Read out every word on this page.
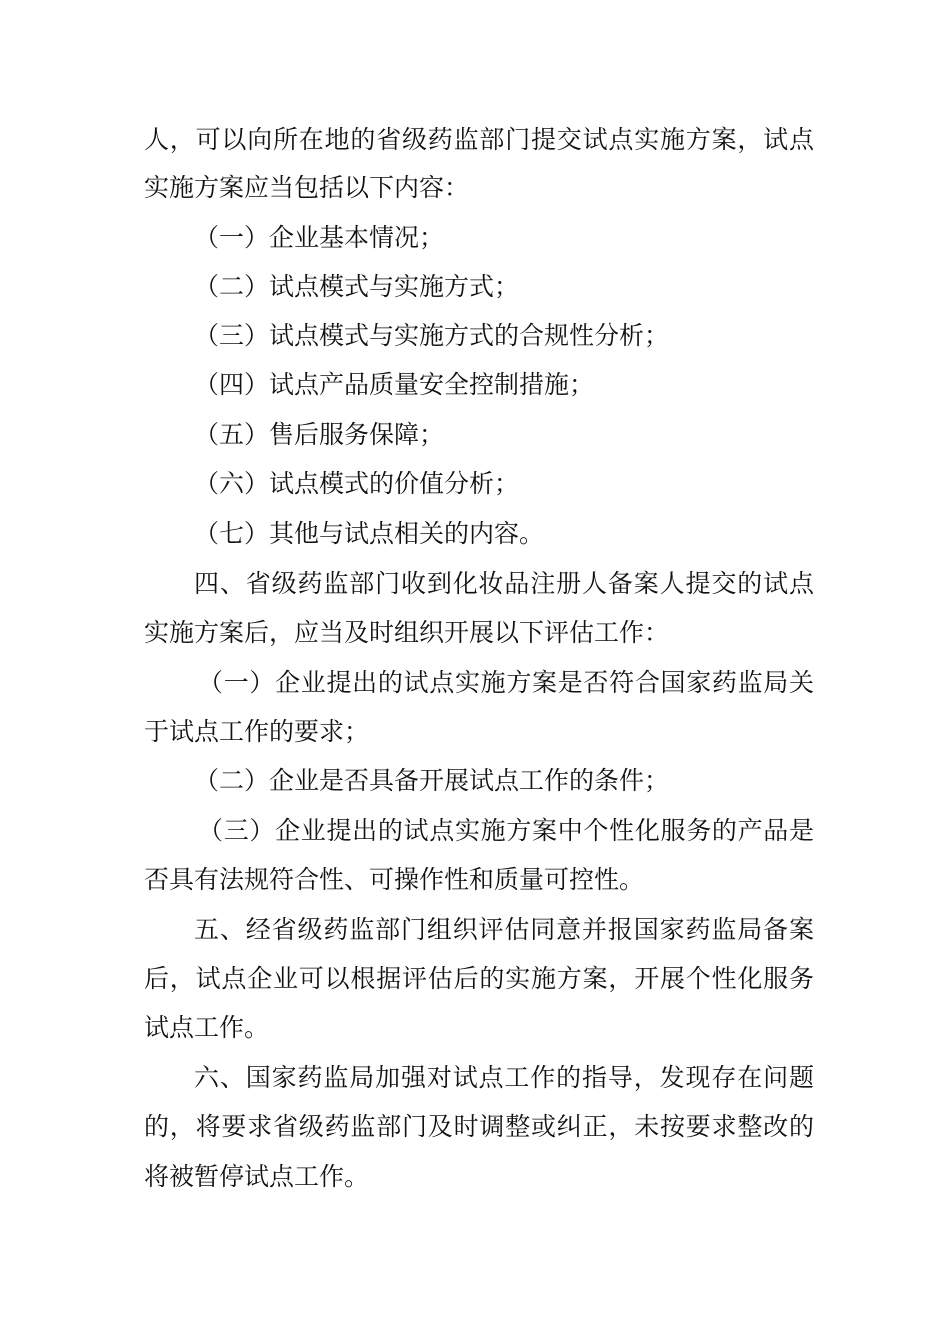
人，可以向所在地的省级药监部门提交试点实施方案，试点
实施方案应当包括以下内容：
（一）企业基本情况；
（二）试点模式与实施方式；
（三）试点模式与实施方式的合规性分析；
（四）试点产品质量安全控制措施；
（五）售后服务保障；
（六）试点模式的价值分析；
（七）其他与试点相关的内容。
四、省级药监部门收到化妆品注册人备案人提交的试点
实施方案后，应当及时组织开展以下评估工作：
（一）企业提出的试点实施方案是否符合国家药监局关
于试点工作的要求；
（二）企业是否具备开展试点工作的条件；
（三）企业提出的试点实施方案中个性化服务的产品是
否具有法规符合性、可操作性和质量可控性。
五、经省级药监部门组织评估同意并报国家药监局备案
后，试点企业可以根据评估后的实施方案，开展个性化服务
试点工作。
六、国家药监局加强对试点工作的指导，发现存在问题
的，将要求省级药监部门及时调整或纠正，未按要求整改的
将被暂停试点工作。
